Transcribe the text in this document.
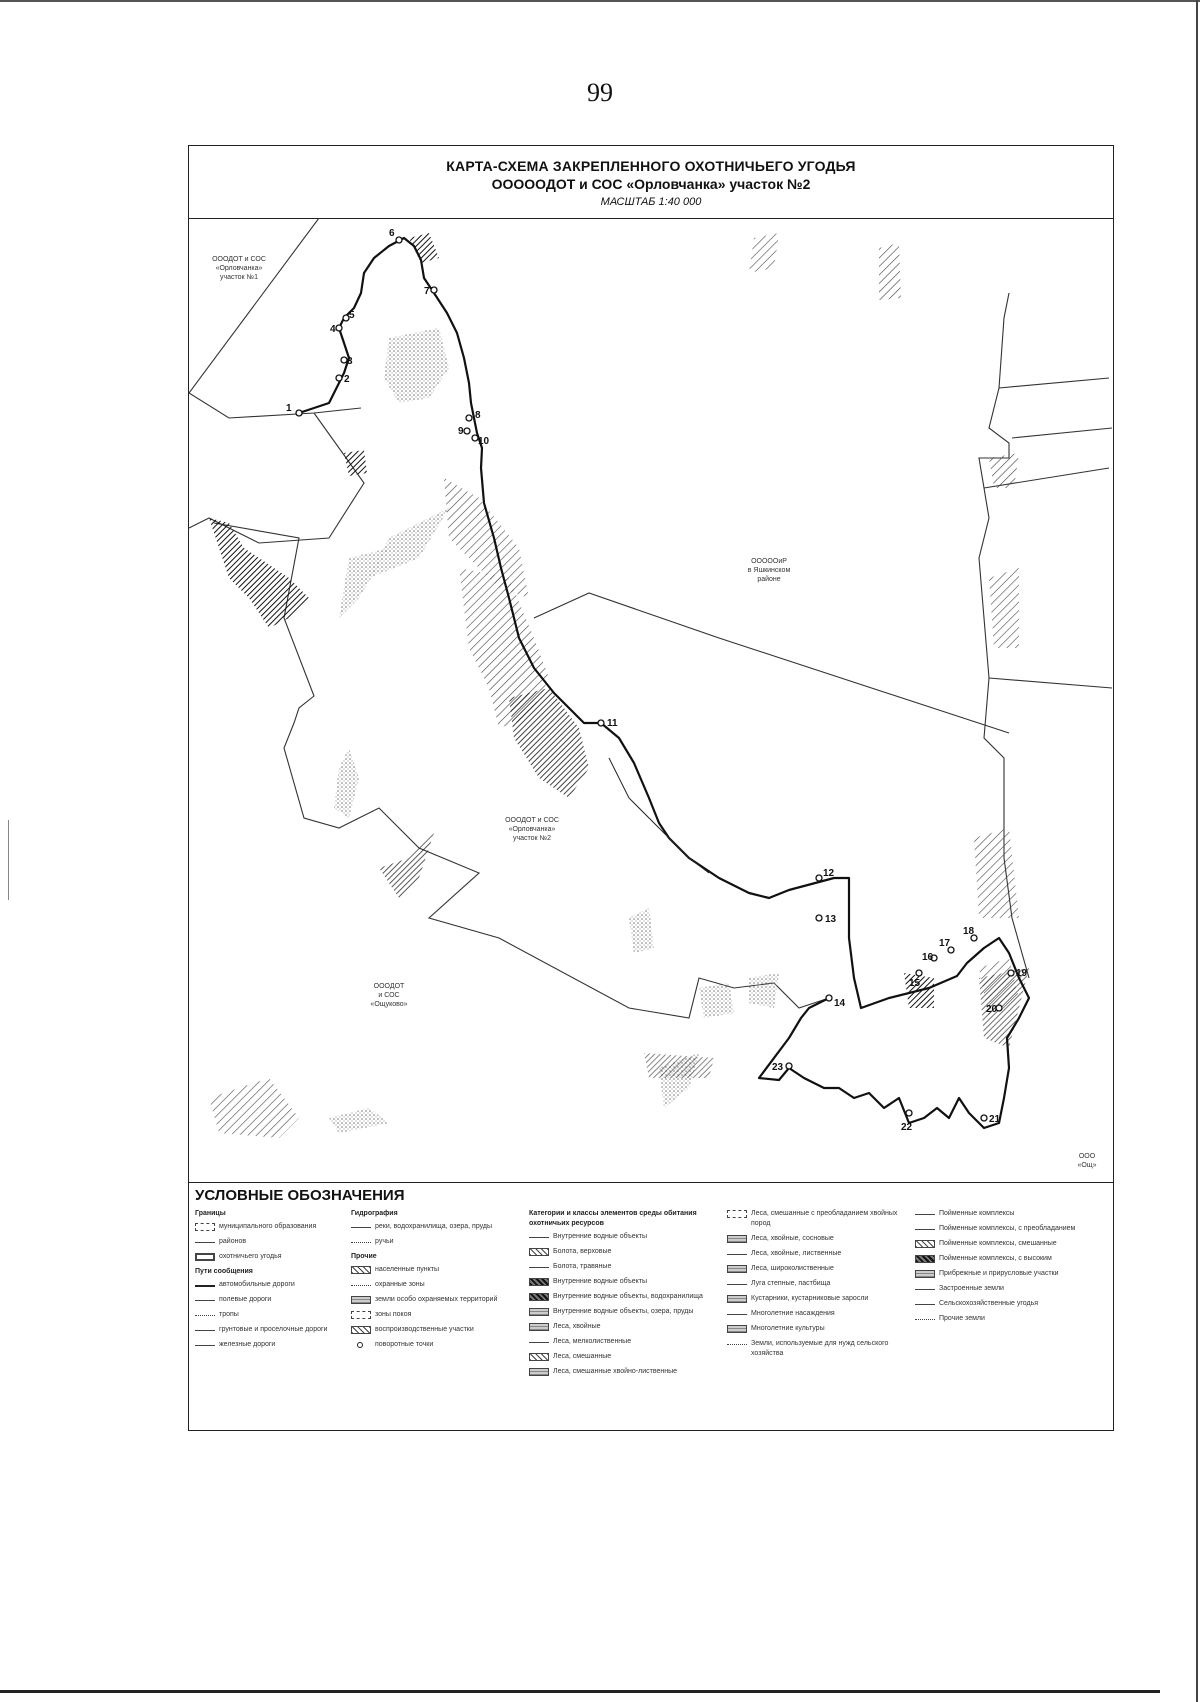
99
КАРТА-СХЕМА ЗАКРЕПЛЕННОГО ОХОТНИЧЬЕГО УГОДЬЯ
ОООООДОТ и СОС «Орловчанка» участок №2
МАСШТАБ 1:40 000
1
2
3
4
5
6
7
8
9
10
11
12
13
14
15
16
17
18
19
20
21
22
23
ОООДОТ и СОС
«Орловчанка»
участок №1
ОООДОТ и СОС
«Орловчанка»
участок №2
ОООООиР
в Яшкинском
районе
ОООДОТ
и СОС
«Ощуково»
ООО
«Ощ»
УСЛОВНЫЕ ОБОЗНАЧЕНИЯ
Границы
муниципального образования
районов
охотничьего угодья
Пути сообщения
автомобильные дороги
полевые дороги
тропы
грунтовые и проселочные дороги
железные дороги
Гидрография
реки, водохранилища, озера, пруды
ручьи
Прочие
населенные пункты
охранные зоны
земли особо охраняемых территорий
зоны покоя
воспроизводственные участки
поворотные точки
Категории и классы элементов среды обитания охотничьих ресурсов
Внутренние водные объекты
Болота, верховые
Болота, травяные
Внутренние водные объекты
Внутренние водные объекты, водохранилища
Внутренние водные объекты, озера, пруды
Леса, хвойные
Леса, мелколиственные
Леса, смешанные
Леса, смешанные хвойно-лиственные
Леса, смешанные с преобладанием хвойных пород
Леса, хвойные, сосновые
Леса, хвойные, лиственные
Леса, широколиственные
Луга степные, пастбища
Кустарники, кустарниковые заросли
Многолетние насаждения
Многолетние культуры
Земли, используемые для нужд сельского хозяйства
Пойменные комплексы
Пойменные комплексы, с преобладанием
Пойменные комплексы, смешанные
Пойменные комплексы, с высоким
Прибрежные и прирусловые участки
Застроенные земли
Сельскохозяйственные угодья
Прочие земли
